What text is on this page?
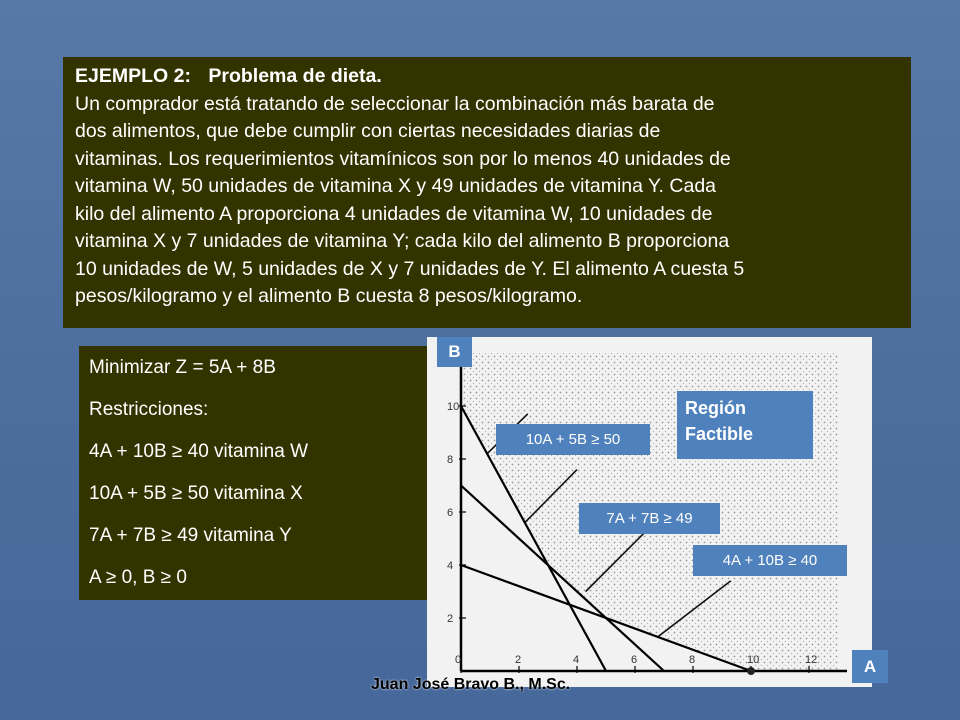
EJEMPLO 2: Problema de dieta.
Un comprador está tratando de seleccionar la combinación más barata de
dos alimentos, que debe cumplir con ciertas necesidades diarias de
vitaminas. Los requerimientos vitamínicos son por lo menos 40 unidades de
vitamina W, 50 unidades de vitamina X y 49 unidades de vitamina Y. Cada
kilo del alimento A proporciona 4 unidades de vitamina W, 10 unidades de
vitamina X y 7 unidades de vitamina Y; cada kilo del alimento B proporciona
10 unidades de W, 5 unidades de X y 7 unidades de Y. El alimento A cuesta 5
pesos/kilogramo y el alimento B cuesta 8 pesos/kilogramo.
Minimizar Z = 5A + 8B
Restricciones:
4A + 10B ≥ 40 vitamina W
10A + 5B ≥ 50 vitamina X
7A + 7B ≥ 49 vitamina Y
A ≥ 0, B ≥ 0
0	2	4	6	8	10	12
2
4
6
8
10
B
A
10A + 5B ≥ 50
7A + 7B ≥ 49
4A + 10B ≥ 40
Región Factible
Juan José Bravo B., M.Sc.
